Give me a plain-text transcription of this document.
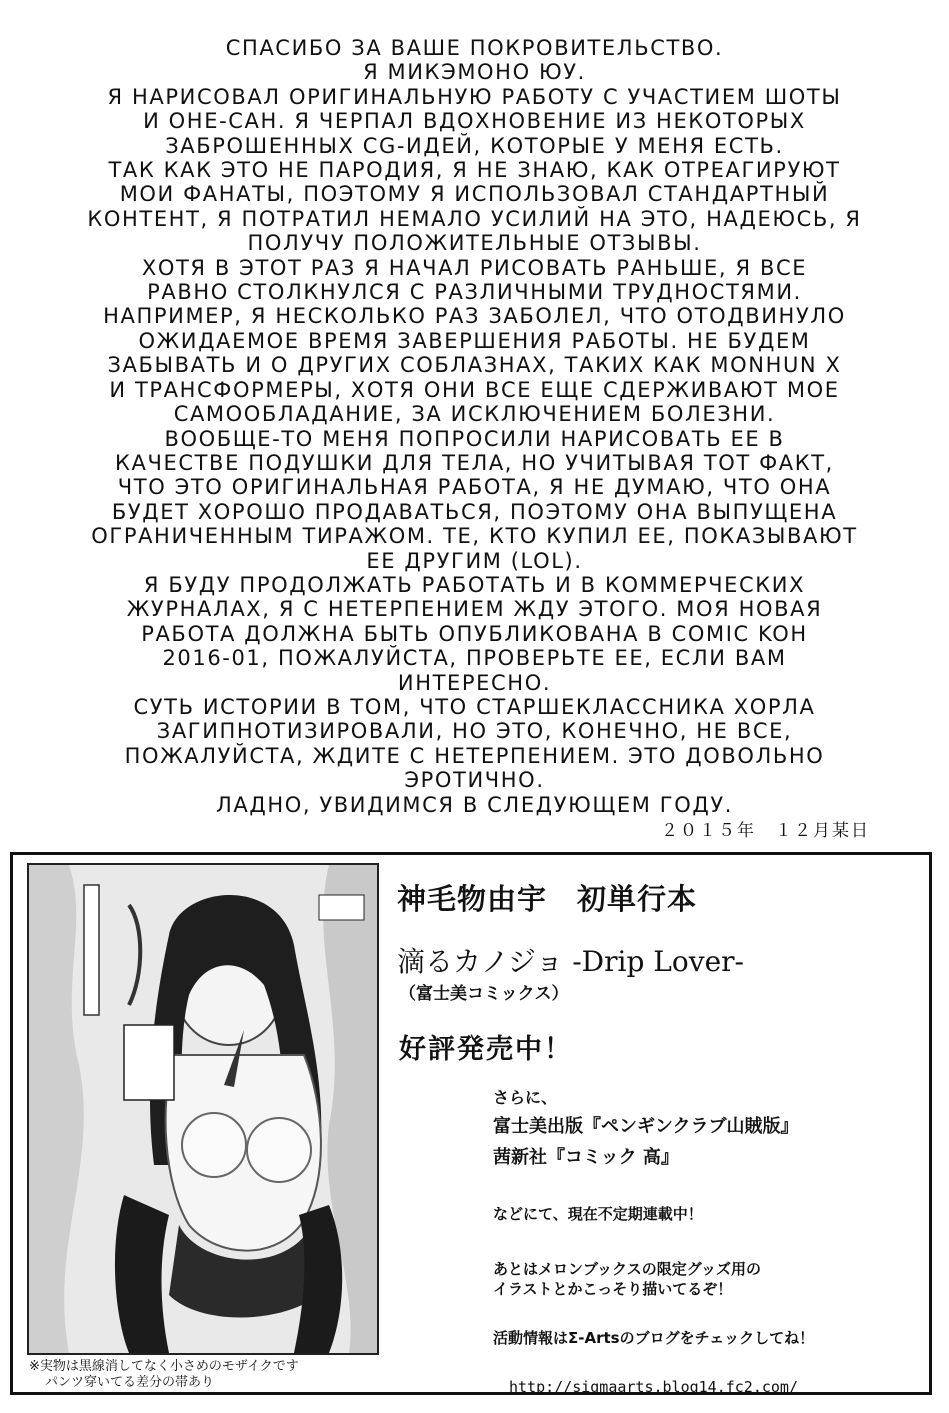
СПАСИБО ЗА ВАШЕ ПОКРОВИТЕЛЬСТВО.
Я МИКЭМОНО ЮУ.
Я НАРИСОВАЛ ОРИГИНАЛЬНУЮ РАБОТУ С УЧАСТИЕМ ШОТЫ
И ОНЕ-САН. Я ЧЕРПАЛ ВДОХНОВЕНИЕ ИЗ НЕКОТОРЫХ
ЗАБРОШЕННЫХ CG-ИДЕЙ, КОТОРЫЕ У МЕНЯ ЕСТЬ.
ТАК КАК ЭТО НЕ ПАРОДИЯ, Я НЕ ЗНАЮ, КАК ОТРЕАГИРУЮТ
МОИ ФАНАТЫ, ПОЭТОМУ Я ИСПОЛЬЗОВАЛ СТАНДАРТНЫЙ
КОНТЕНТ, Я ПОТРАТИЛ НЕМАЛО УСИЛИЙ НА ЭТО, НАДЕЮСЬ, Я
ПОЛУЧУ ПОЛОЖИТЕЛЬНЫЕ ОТЗЫВЫ.
ХОТЯ В ЭТОТ РАЗ Я НАЧАЛ РИСОВАТЬ РАНЬШЕ, Я ВСЕ
РАВНО СТОЛКНУЛСЯ С РАЗЛИЧНЫМИ ТРУДНОСТЯМИ.
НАПРИМЕР, Я НЕСКОЛЬКО РАЗ ЗАБОЛЕЛ, ЧТО ОТОДВИНУЛО
ОЖИДАЕМОЕ ВРЕМЯ ЗАВЕРШЕНИЯ РАБОТЫ. НЕ БУДЕМ
ЗАБЫВАТЬ И О ДРУГИХ СОБЛАЗНАХ, ТАКИХ КАК MONHUN X
И ТРАНСФОРМЕРЫ, ХОТЯ ОНИ ВСЕ ЕЩЕ СДЕРЖИВАЮТ МОЕ
САМООБЛАДАНИЕ, ЗА ИСКЛЮЧЕНИЕМ БОЛЕЗНИ.
ВООБЩЕ-ТО МЕНЯ ПОПРОСИЛИ НАРИСОВАТЬ ЕЕ В
КАЧЕСТВЕ ПОДУШКИ ДЛЯ ТЕЛА, НО УЧИТЫВАЯ ТОТ ФАКТ,
ЧТО ЭТО ОРИГИНАЛЬНАЯ РАБОТА, Я НЕ ДУМАЮ, ЧТО ОНА
БУДЕТ ХОРОШО ПРОДАВАТЬСЯ, ПОЭТОМУ ОНА ВЫПУЩЕНА
ОГРАНИЧЕННЫМ ТИРАЖОМ. ТЕ, КТО КУПИЛ ЕЕ, ПОКАЗЫВАЮТ
ЕЕ ДРУГИМ (LOL).
Я БУДУ ПРОДОЛЖАТЬ РАБОТАТЬ И В КОММЕРЧЕСКИХ
ЖУРНАЛАХ, Я С НЕТЕРПЕНИЕМ ЖДУ ЭТОГО. МОЯ НОВАЯ
РАБОТА ДОЛЖНА БЫТЬ ОПУБЛИКОВАНА В COMIC KOH
2016-01, ПОЖАЛУЙСТА, ПРОВЕРЬТЕ ЕЕ, ЕСЛИ ВАМ
ИНТЕРЕСНО.
СУТЬ ИСТОРИИ В ТОМ, ЧТО СТАРШЕКЛАССНИКА ХОРЛА
ЗАГИПНОТИЗИРОВАЛИ, НО ЭТО, КОНЕЧНО, НЕ ВСЕ,
ПОЖАЛУЙСТА, ЖДИТЕ С НЕТЕРПЕНИЕМ. ЭТО ДОВОЛЬНО
ЭРОТИЧНО.
ЛАДНО, УВИДИМСЯ В СЛЕДУЮЩЕМ ГОДУ.
２０１５年　１２月某日
※実物は黒線消してなく小さめのモザイクです
パンツ穿いてる差分の帯あり
神毛物由宇　初単行本
滴るカノジョ -Drip Lover-
（富士美コミックス）
好評発売中！
さらに、
富士美出版『ペンギンクラブ山賊版』
茜新社『コミック 高』
などにて、現在不定期連載中！
あとはメロンブックスの限定グッズ用の
イラストとかこっそり描いてるぞ！
活動情報はΣ-Artsのブログをチェックしてね！
http://sigmaarts.blog14.fc2.com/
